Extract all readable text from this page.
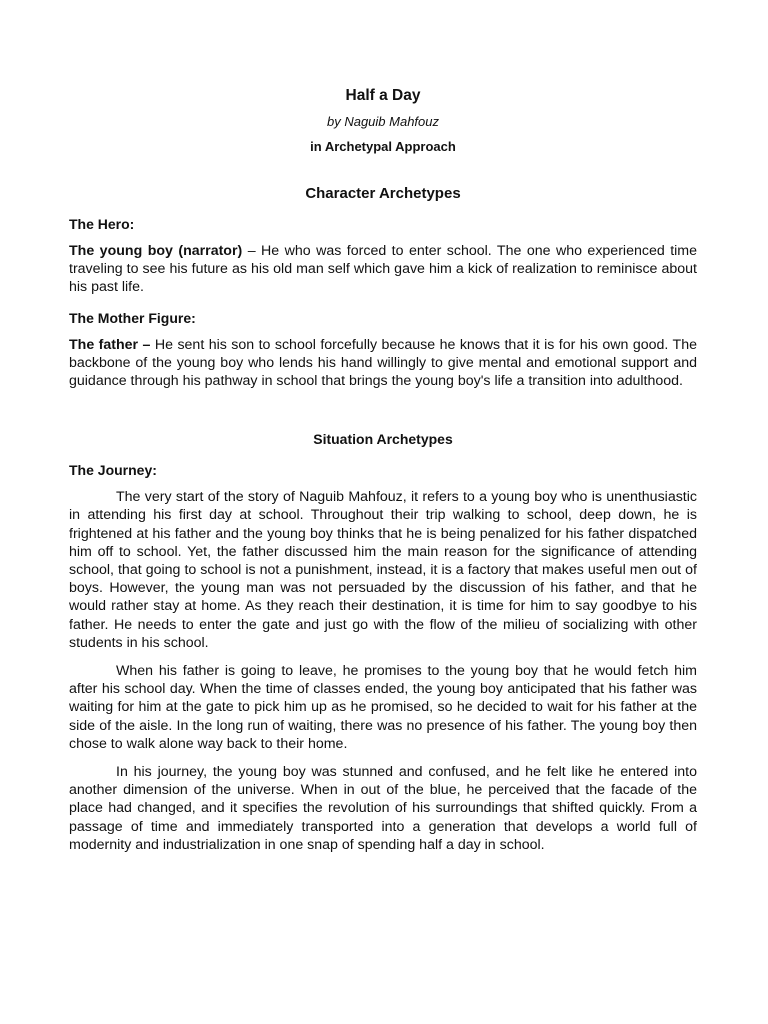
Half a Day

by Naguib Mahfouz

in Archetypal Approach

Character Archetypes

The Hero:

The young boy (narrator) – He who was forced to enter school. The one who experienced time traveling to see his future as his old man self which gave him a kick of realization to reminisce about his past life.

The Mother Figure:

The father – He sent his son to school forcefully because he knows that it is for his own good. The backbone of the young boy who lends his hand willingly to give mental and emotional support and guidance through his pathway in school that brings the young boy's life a transition into adulthood.

Situation Archetypes

The Journey:

The very start of the story of Naguib Mahfouz, it refers to a young boy who is unenthusiastic in attending his first day at school. Throughout their trip walking to school, deep down, he is frightened at his father and the young boy thinks that he is being penalized for his father dispatched him off to school. Yet, the father discussed him the main reason for the significance of attending school, that going to school is not a punishment, instead, it is a factory that makes useful men out of boys. However, the young man was not persuaded by the discussion of his father, and that he would rather stay at home. As they reach their destination, it is time for him to say goodbye to his father. He needs to enter the gate and just go with the flow of the milieu of socializing with other students in his school.

When his father is going to leave, he promises to the young boy that he would fetch him after his school day. When the time of classes ended, the young boy anticipated that his father was waiting for him at the gate to pick him up as he promised, so he decided to wait for his father at the side of the aisle. In the long run of waiting, there was no presence of his father. The young boy then chose to walk alone way back to their home.

In his journey, the young boy was stunned and confused, and he felt like he entered into another dimension of the universe. When in out of the blue, he perceived that the facade of the place had changed, and it specifies the revolution of his surroundings that shifted quickly. From a passage of time and immediately transported into a generation that develops a world full of modernity and industrialization in one snap of spending half a day in school.
